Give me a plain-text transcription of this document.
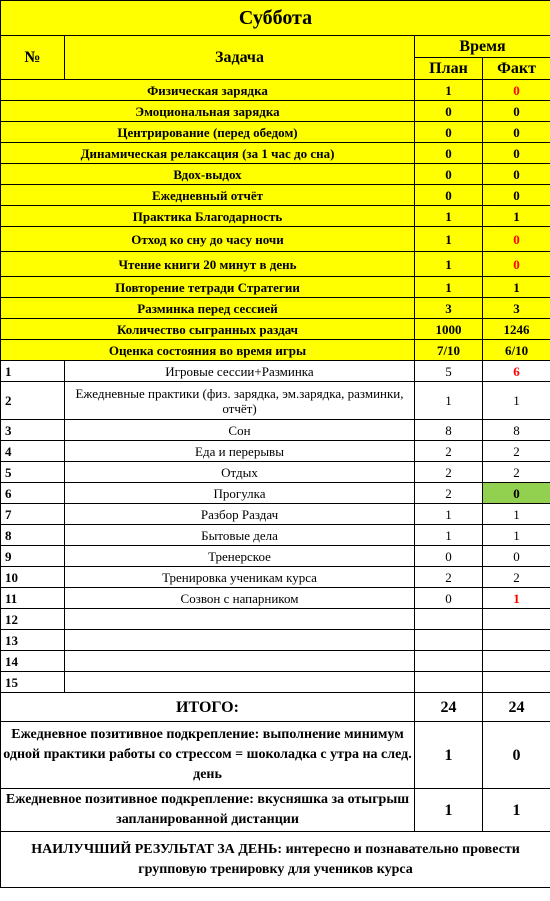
Суббота			
№	Задача	Время	
		План	Факт
Физическая зарядка		1	0
Эмоциональная зарядка		0	0
Центрирование (перед обедом)		0	0
Динамическая релаксация (за 1 час до сна)		0	0
Вдох-выдох		0	0
Ежедневный отчёт		0	0
Практика Благодарность		1	1
Отход ко сну до часу ночи		1	0
Чтение книги 20 минут в день		1	0
Повторение тетради Стратегии		1	1
Разминка перед сессией		3	3
Количество сыгранных раздач		1000	1246
Оценка состояния во время игры		7/10	6/10
1	Игровые сессии+Разминка	5	6
2	Ежедневные практики (физ. зарядка, эм.зарядка, разминки, отчёт)	1	1
3	Сон	8	8
4	Еда и перерывы	2	2
5	Отдых	2	2
6	Прогулка	2	0
7	Разбор Раздач	1	1
8	Бытовые дела	1	1
9	Тренерское	0	0
10	Тренировка ученикам курса	2	2
11	Созвон с напарником	0	1
12			
13			
14			
15			
ИТОГО:		24	24
Ежедневное позитивное подкрепление: выполнение минимум одной практики работы со стрессом = шоколадка с утра на след. день		1	0
Ежедневное позитивное подкрепление: вкусняшка за отыгрыш запланированной дистанции		1	1
НАИЛУЧШИЙ РЕЗУЛЬТАТ ЗА ДЕНЬ: интересно и познавательно провести групповую тренировку для учеников курса			
